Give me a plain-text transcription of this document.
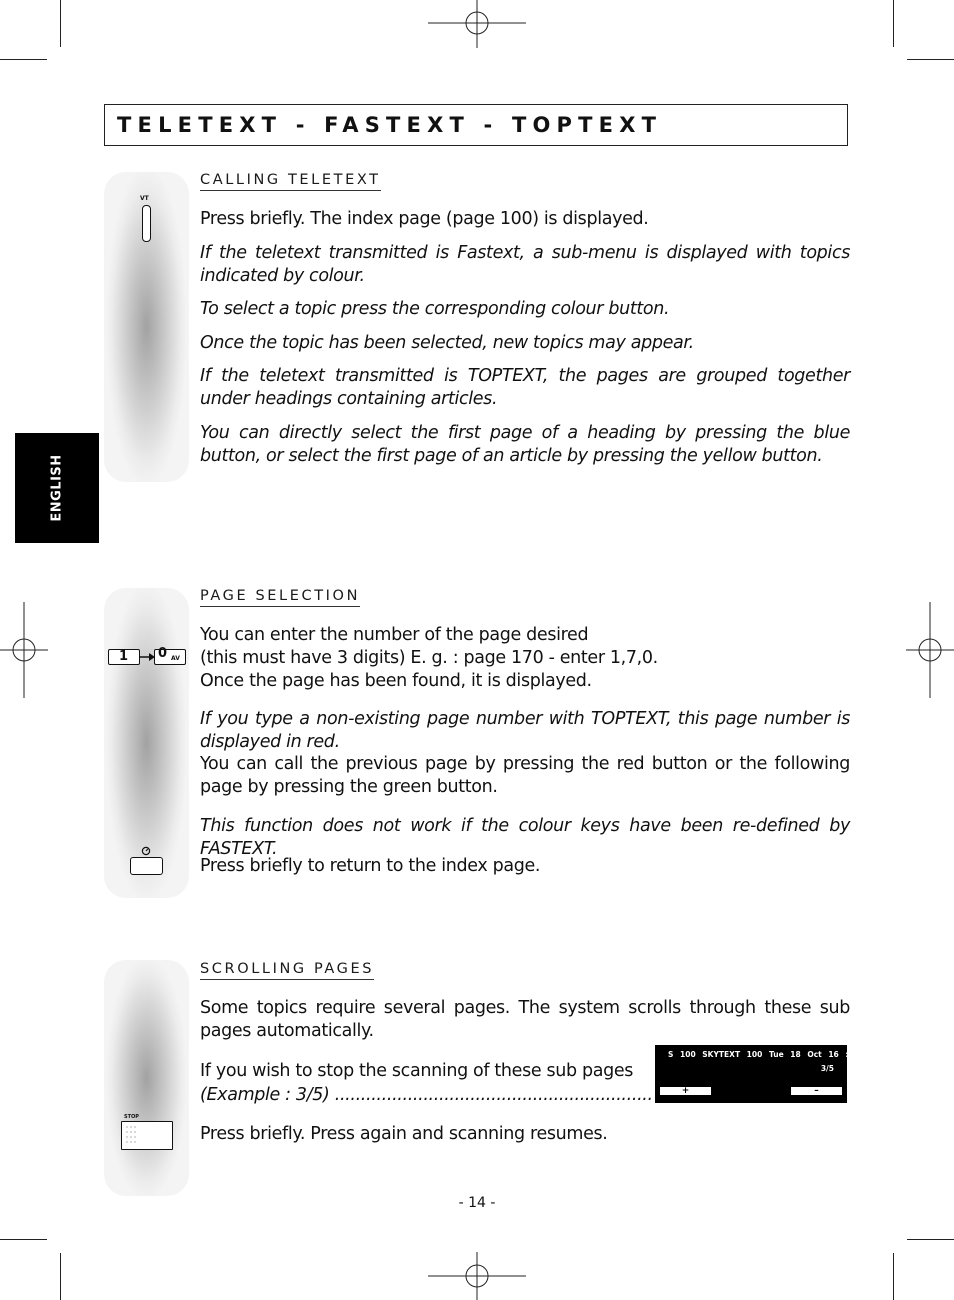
TELETEXT - FASTEXT - TOPTEXT
ENGLISH
VT
CALLING TELETEXT
Press briefly. The index page (page 100) is displayed.
If the teletext transmitted is Fastext, a sub-menu is displayed with topics indicated by colour.
To select a topic press the corresponding colour button.
Once the topic has been selected, new topics may appear.
If the teletext transmitted is TOPTEXT, the pages are grouped together under headings containing articles.
You can directly select the first page of a heading by pressing the blue button, or select the first page of an article by pressing the yellow button.
1 0 AV
PAGE SELECTION
You can enter the number of the page desired
(this must have 3 digits) E. g. : page 170 - enter 1,7,0.
Once the page has been found, it is displayed.
If you type a non-existing page number with TOPTEXT, this page number is displayed in red.
You can call the previous page by pressing the red button or the following page by pressing the green button.
This function does not work if the colour keys have been re-defined by FASTEXT.
Press briefly to return to the index page.
STOP
SCROLLING PAGES
Some topics require several pages. The system scrolls through these sub pages automatically.
If you wish to stop the scanning of these sub pages
(Example : 3/5) .............................................................
Press briefly. Press again and scanning resumes.
S 100 SKYTEXT 100 Tue 18 Oct 16 : 00 : 50
3/5
+	–
- 14 -
